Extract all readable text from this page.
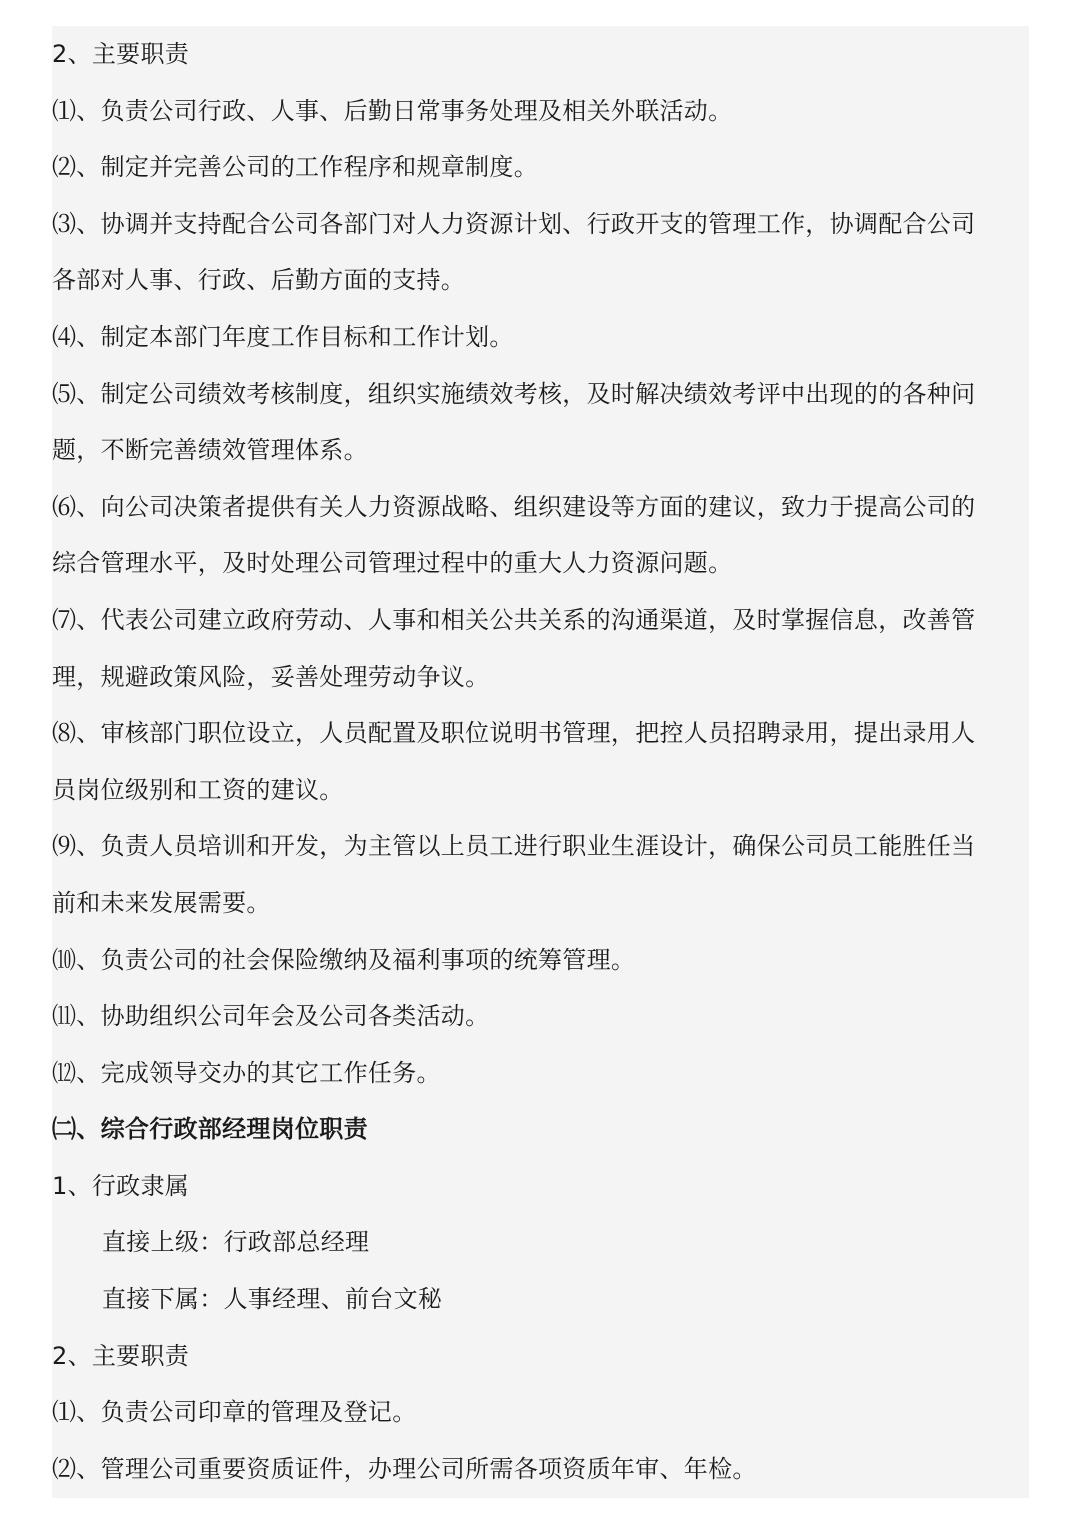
2、主要职责
⑴、负责公司行政、人事、后勤日常事务处理及相关外联活动。
⑵、制定并完善公司的工作程序和规章制度。
⑶、协调并支持配合公司各部门对人力资源计划、行政开支的管理工作，协调配合公司
各部对人事、行政、后勤方面的支持。
⑷、制定本部门年度工作目标和工作计划。
⑸、制定公司绩效考核制度，组织实施绩效考核，及时解决绩效考评中出现的的各种问
题，不断完善绩效管理体系。
⑹、向公司决策者提供有关人力资源战略、组织建设等方面的建议，致力于提高公司的
综合管理水平，及时处理公司管理过程中的重大人力资源问题。
⑺、代表公司建立政府劳动、人事和相关公共关系的沟通渠道，及时掌握信息，改善管
理，规避政策风险，妥善处理劳动争议。
⑻、审核部门职位设立，人员配置及职位说明书管理，把控人员招聘录用，提出录用人
员岗位级别和工资的建议。
⑼、负责人员培训和开发，为主管以上员工进行职业生涯设计，确保公司员工能胜任当
前和未来发展需要。
⑽、负责公司的社会保险缴纳及福利事项的统筹管理。
⑾、协助组织公司年会及公司各类活动。
⑿、完成领导交办的其它工作任务。
㈡、综合行政部经理岗位职责
1、行政隶属
直接上级：行政部总经理
直接下属：人事经理、前台文秘
2、主要职责
⑴、负责公司印章的管理及登记。
⑵、管理公司重要资质证件，办理公司所需各项资质年审、年检。
